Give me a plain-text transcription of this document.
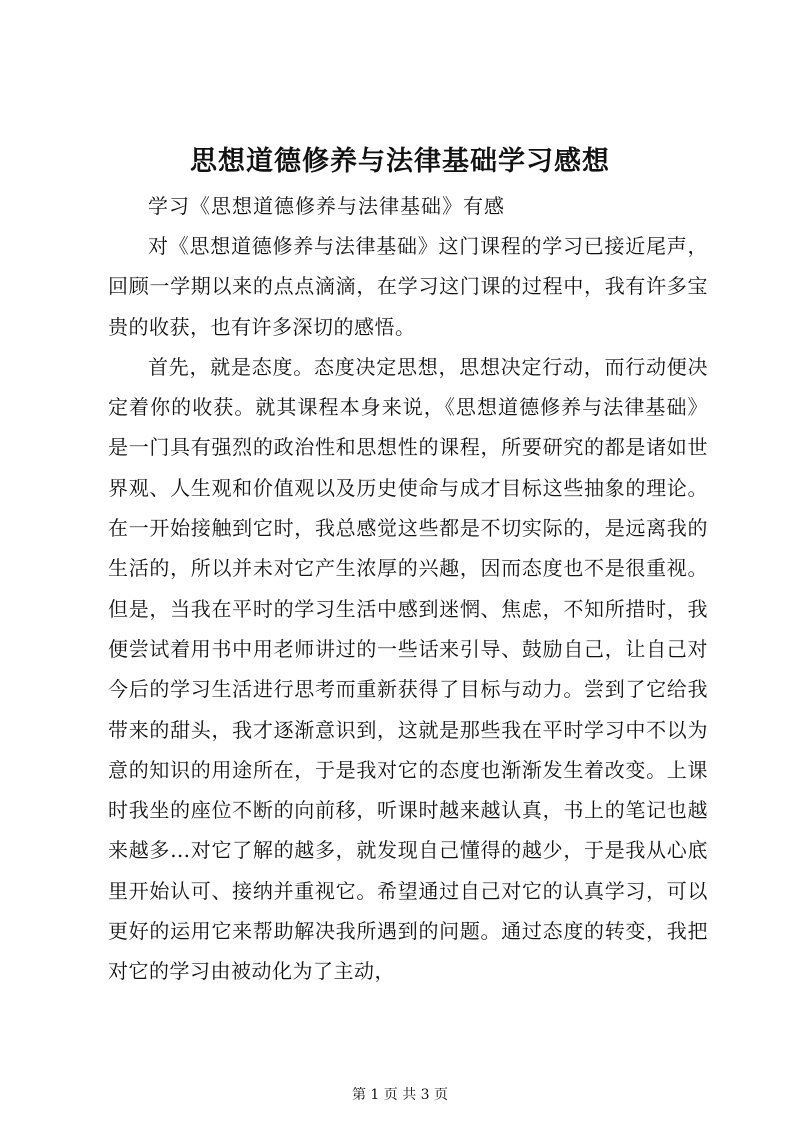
思想道德修养与法律基础学习感想

学习《思想道德修养与法律基础》有感

对《思想道德修养与法律基础》这门课程的学习已接近尾声，回顾一学期以来的点点滴滴，在学习这门课的过程中，我有许多宝贵的收获，也有许多深切的感悟。

首先，就是态度。态度决定思想，思想决定行动，而行动便决定着你的收获。就其课程本身来说，《思想道德修养与法律基础》是一门具有强烈的政治性和思想性的课程，所要研究的都是诸如世界观、人生观和价值观以及历史使命与成才目标这些抽象的理论。在一开始接触到它时，我总感觉这些都是不切实际的，是远离我的生活的，所以并未对它产生浓厚的兴趣，因而态度也不是很重视。但是，当我在平时的学习生活中感到迷惘、焦虑，不知所措时，我便尝试着用书中用老师讲过的一些话来引导、鼓励自己，让自己对今后的学习生活进行思考而重新获得了目标与动力。尝到了它给我带来的甜头，我才逐渐意识到，这就是那些我在平时学习中不以为意的知识的用途所在，于是我对它的态度也渐渐发生着改变。上课时我坐的座位不断的向前移，听课时越来越认真，书上的笔记也越来越多…对它了解的越多，就发现自己懂得的越少，于是我从心底里开始认可、接纳并重视它。希望通过自己对它的认真学习，可以更好的运用它来帮助解决我所遇到的问题。通过态度的转变，我把对它的学习由被动化为了主动，

第 1 页 共 3 页
